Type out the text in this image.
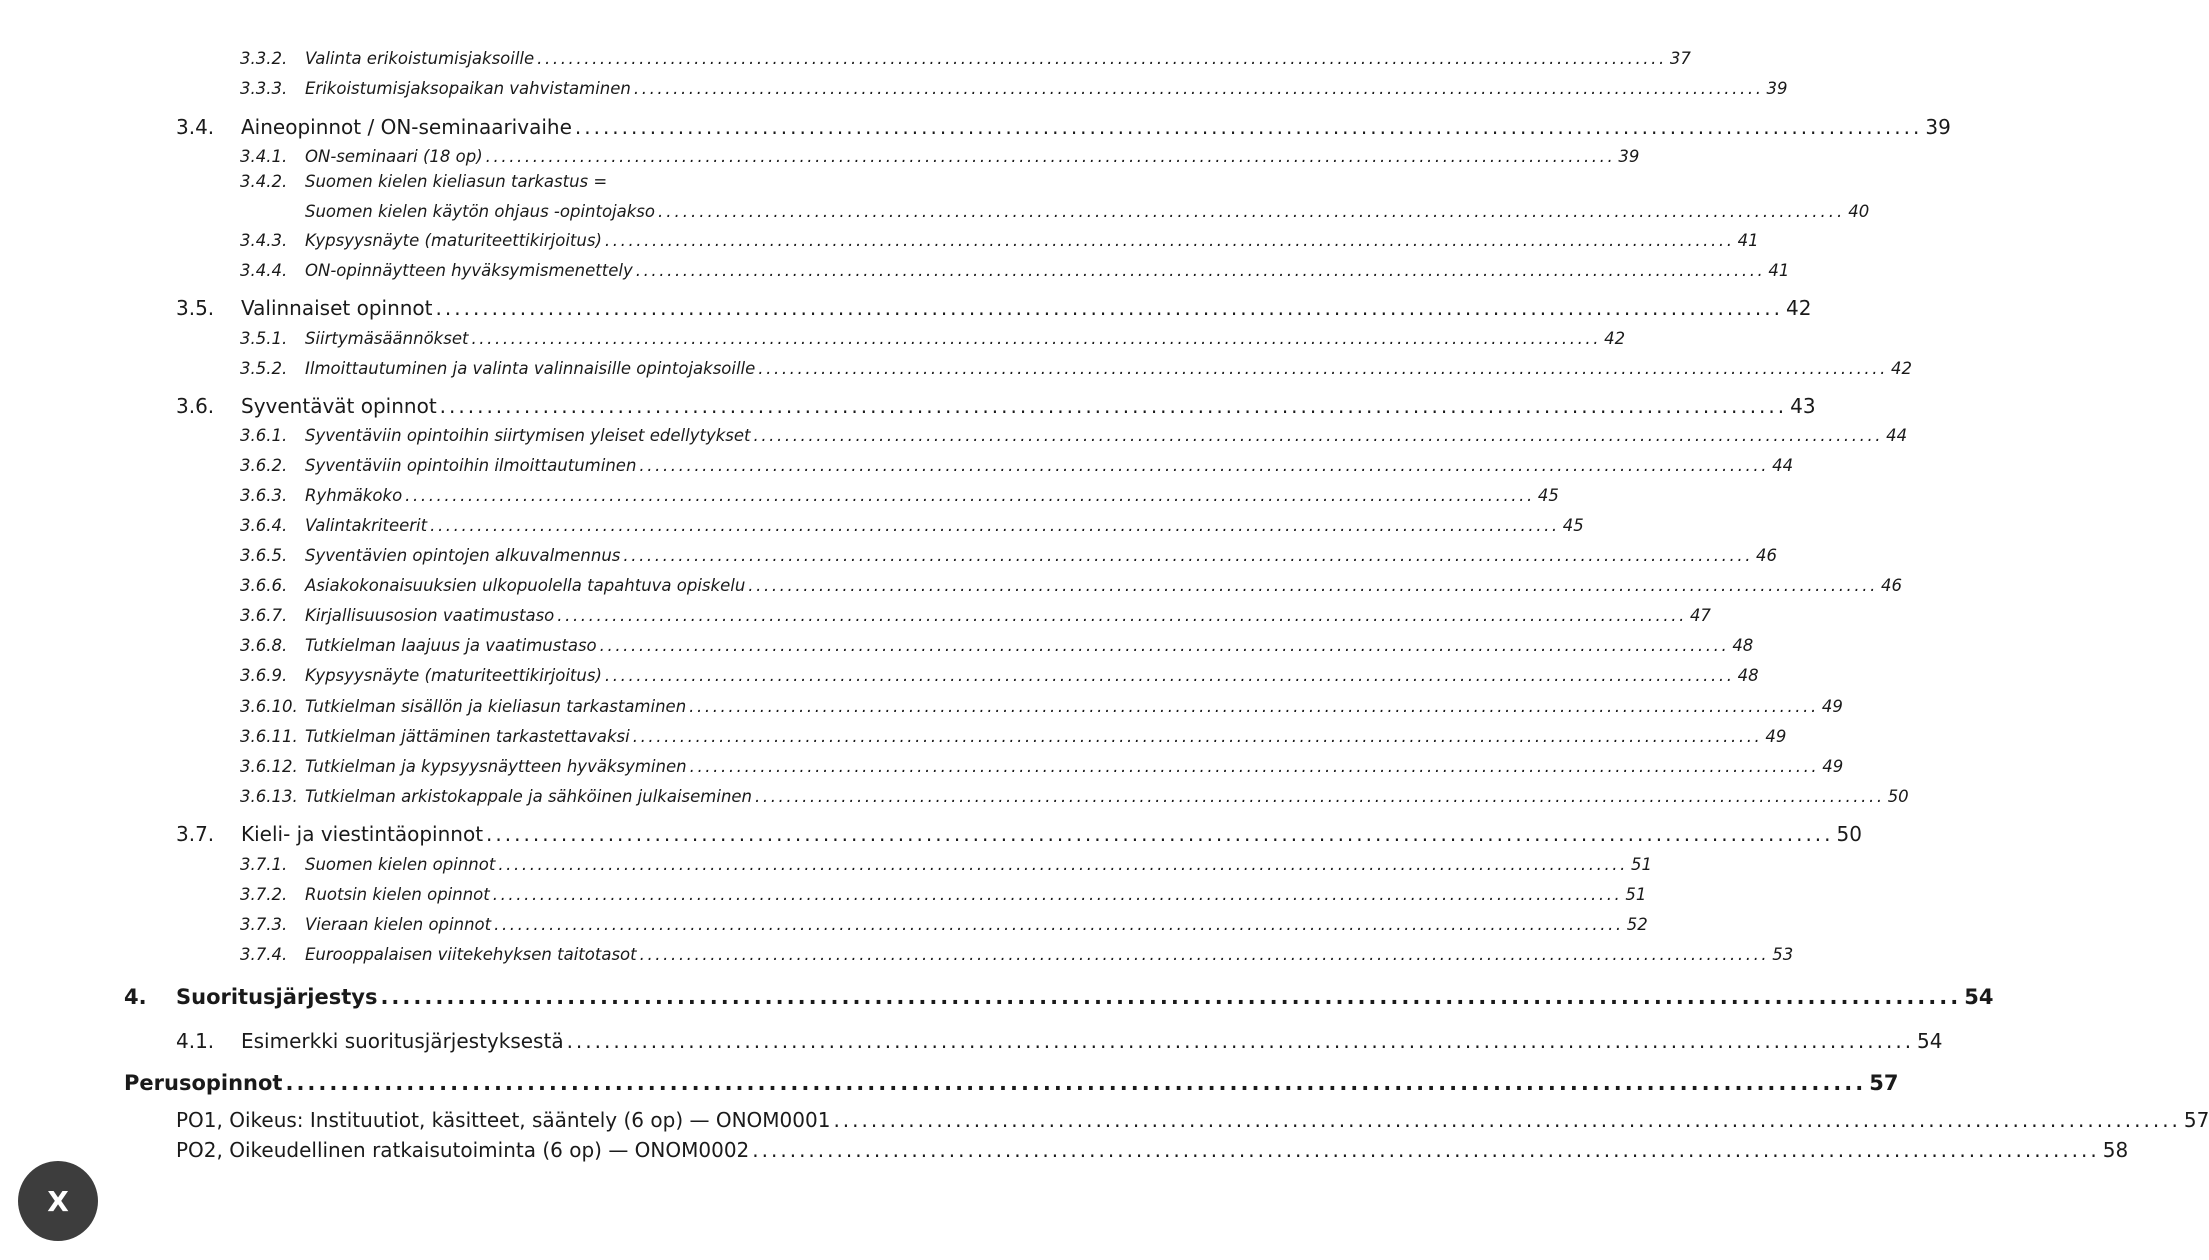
3.3.2.	Valinta erikoistumisjaksoille ................................................................................................................................................ 37
3.3.3.	Erikoistumisjaksopaikan vahvistaminen ................................................................................................................................................ 39
3.4.	Aineopinnot / ON-seminaarivaihe ................................................................................................................................................ 39
3.4.1.	ON-seminaari (18 op) ................................................................................................................................................ 39
3.4.2.	Suomen kielen kieliasun tarkastus =
Suomen kielen käytön ohjaus -opintojakso ................................................................................................................................................ 40
3.4.3.	Kypsyysnäyte (maturiteettikirjoitus) ................................................................................................................................................ 41
3.4.4.	ON-opinnäytteen hyväksymismenettely ................................................................................................................................................ 41
3.5.	Valinnaiset opinnot ................................................................................................................................................ 42
3.5.1.	Siirtymäsäännökset ................................................................................................................................................ 42
3.5.2.	Ilmoittautuminen ja valinta valinnaisille opintojaksoille ................................................................................................................................................ 42
3.6.	Syventävät opinnot ................................................................................................................................................ 43
3.6.1.	Syventäviin opintoihin siirtymisen yleiset edellytykset ................................................................................................................................................ 44
3.6.2.	Syventäviin opintoihin ilmoittautuminen ................................................................................................................................................ 44
3.6.3.	Ryhmäkoko ................................................................................................................................................ 45
3.6.4.	Valintakriteerit ................................................................................................................................................ 45
3.6.5.	Syventävien opintojen alkuvalmennus ................................................................................................................................................ 46
3.6.6.	Asiakokonaisuuksien ulkopuolella tapahtuva opiskelu ................................................................................................................................................ 46
3.6.7.	Kirjallisuusosion vaatimustaso ................................................................................................................................................ 47
3.6.8.	Tutkielman laajuus ja vaatimustaso ................................................................................................................................................ 48
3.6.9.	Kypsyysnäyte (maturiteettikirjoitus) ................................................................................................................................................ 48
3.6.10. Tutkielman sisällön ja kieliasun tarkastaminen ................................................................................................................................................ 49
3.6.11. Tutkielman jättäminen tarkastettavaksi ................................................................................................................................................ 49
3.6.12. Tutkielman ja kypsyysnäytteen hyväksyminen ................................................................................................................................................ 49
3.6.13. Tutkielman arkistokappale ja sähköinen julkaiseminen ................................................................................................................................................ 50
3.7.	Kieli- ja viestintäopinnot ................................................................................................................................................ 50
3.7.1.	Suomen kielen opinnot ................................................................................................................................................ 51
3.7.2.	Ruotsin kielen opinnot ................................................................................................................................................ 51
3.7.3.	Vieraan kielen opinnot ................................................................................................................................................ 52
3.7.4.	Eurooppalaisen viitekehyksen taitotasot ................................................................................................................................................ 53
4.	Suoritusjärjestys ................................................................................................................................................ 54
4.1.	Esimerkki suoritusjärjestyksestä ................................................................................................................................................ 54
Perusopinnot ................................................................................................................................................ 57
PO1, Oikeus: Instituutiot, käsitteet, sääntely (6 op) — ONOM0001 ................................................................................................................................................ 57
PO2, Oikeudellinen ratkaisutoiminta (6 op) — ONOM0002 ................................................................................................................................................ 58
X
